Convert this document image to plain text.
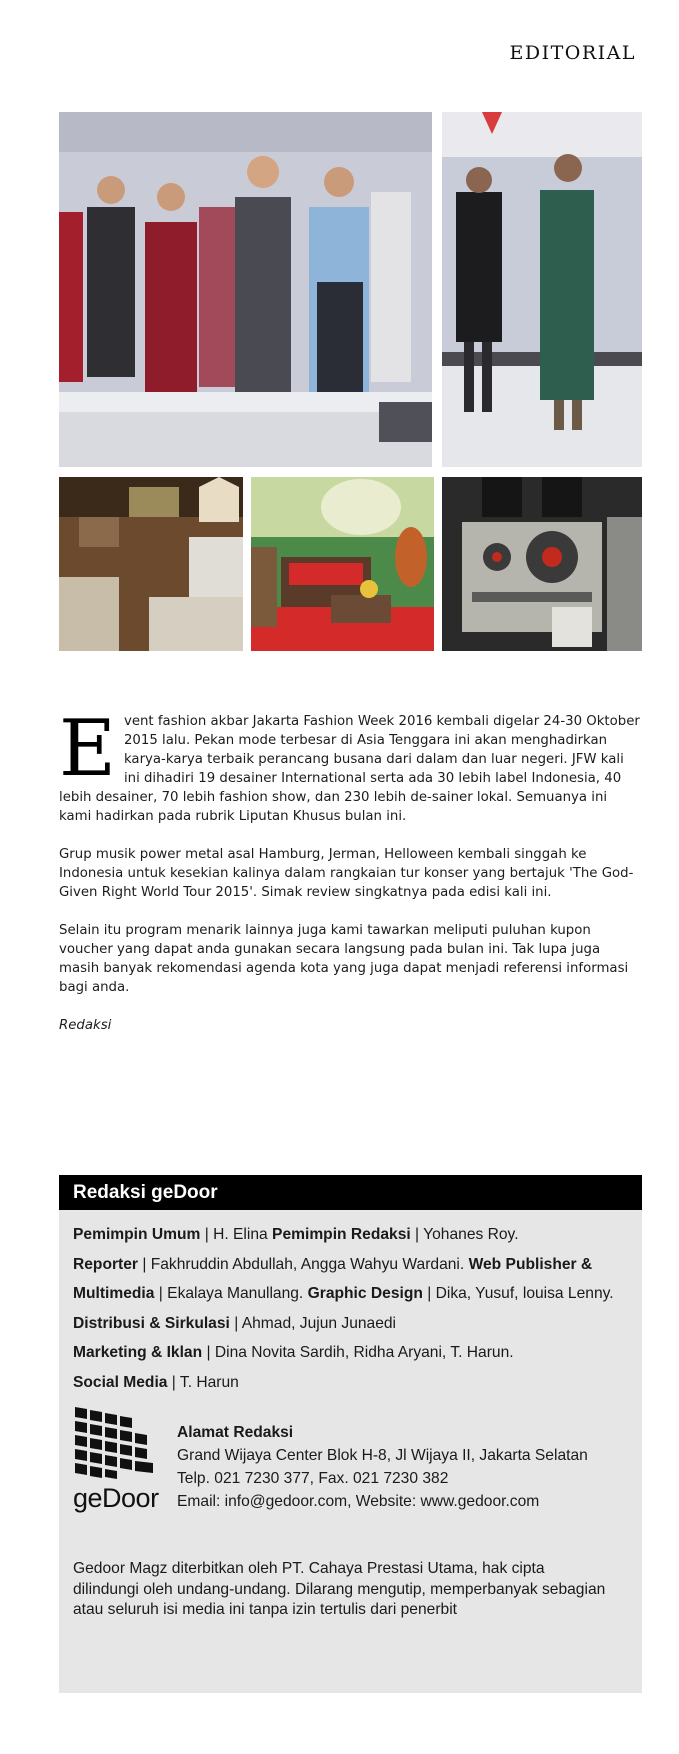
EDITORIAL

Event fashion akbar Jakarta Fashion Week 2016 kembali digelar 24-30 Oktober 2015 lalu. Pekan mode terbesar di Asia Tenggara ini akan menghadirkan karya-karya terbaik perancang busana dari dalam dan luar negeri. JFW kali ini dihadiri 19 desainer International serta ada 30 lebih label Indonesia, 40 lebih desainer, 70 lebih fashion show, dan 230 lebih de-sainer lokal. Semuanya ini kami hadirkan pada rubrik Liputan Khusus bulan ini.

Grup musik power metal asal Hamburg, Jerman, Helloween kembali singgah ke Indonesia untuk kesekian kalinya dalam rangkaian tur konser yang bertajuk 'The God-Given Right World Tour 2015'. Simak review singkatnya pada edisi kali ini.

Selain itu program menarik lainnya juga kami tawarkan meliputi puluhan kupon voucher yang dapat anda gunakan secara langsung pada bulan ini. Tak lupa juga masih banyak rekomendasi agenda kota yang juga dapat menjadi referensi informasi bagi anda.

Redaksi

Redaksi geDoor
Pemimpin Umum | H. Elina Pemimpin Redaksi | Yohanes Roy.
Reporter | Fakhruddin Abdullah, Angga Wahyu Wardani. Web Publisher & Multimedia | Ekalaya Manullang. Graphic Design | Dika, Yusuf, louisa Lenny. Distribusi & Sirkulasi | Ahmad, Jujun Junaedi
Marketing & Iklan | Dina Novita Sardih, Ridha Aryani, T. Harun.
Social Media | T. Harun
geDoor
Alamat Redaksi
Grand Wijaya Center Blok H-8, Jl Wijaya II, Jakarta Selatan
Telp. 021 7230 377, Fax. 021 7230 382
Email: info@gedoor.com, Website: www.gedoor.com
Gedoor Magz diterbitkan oleh PT. Cahaya Prestasi Utama, hak cipta dilindungi oleh undang-undang. Dilarang mengutip, memperbanyak sebagian atau seluruh isi media ini tanpa izin tertulis dari penerbit
